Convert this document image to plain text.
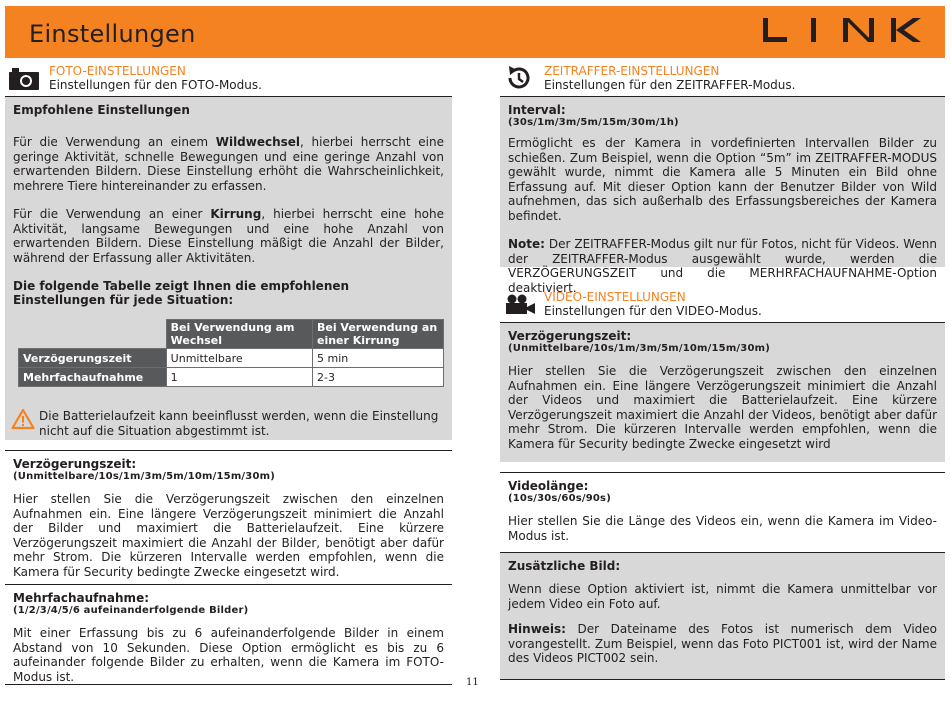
Einstellungen
FOTO-EINSTELLUNGEN
Einstellungen für den FOTO-Modus.
Empfohlene Einstellungen

Für die Verwendung an einem Wildwechsel, hierbei herrscht eine geringe Aktivität, schnelle Bewegungen und eine geringe Anzahl von erwartenden Bildern. Diese Einstellung erhöht die Wahrscheinlichkeit, mehrere Tiere hintereinander zu erfassen.

Für die Verwendung an einer Kirrung, hierbei herrscht eine hohe Aktivität, langsame Bewegungen und eine hohe Anzahl von erwartenden Bildern. Diese Einstellung mäßigt die Anzahl der Bilder, während der Erfassung aller Aktivitäten.

Die folgende Tabelle zeigt Ihnen die empfohlenen Einstellungen für jede Situation:
	Bei Verwendung am Wechsel	Bei Verwendung an einer Kirrung
Verzögerungszeit	Unmittelbare	5 min
Mehrfachaufnahme	1	2-3

Die Batterielaufzeit kann beeinflusst werden, wenn die Einstellung nicht auf die Situation abgestimmt ist.

Verzögerungszeit:
(Unmittelbare/10s/1m/3m/5m/10m/15m/30m)

Hier stellen Sie die Verzögerungszeit zwischen den einzelnen Aufnahmen ein. Eine längere Verzögerungszeit minimiert die Anzahl der Bilder und maximiert die Batterielaufzeit. Eine kürzere Verzögerungszeit maximiert die Anzahl der Bilder, benötigt aber dafür mehr Strom. Die kürzeren Intervalle werden empfohlen, wenn die Kamera für Security bedingte Zwecke eingesetzt wird.

Mehrfachaufnahme:
(1/2/3/4/5/6 aufeinanderfolgende Bilder)

Mit einer Erfassung bis zu 6 aufeinanderfolgende Bilder in einem Abstand von 10 Sekunden. Diese Option ermöglicht es bis zu 6 aufeinander folgende Bilder zu erhalten, wenn die Kamera im FOTO-Modus ist.

ZEITRAFFER-EINSTELLUNGEN
Einstellungen für den ZEITRAFFER-Modus.
Interval:
(30s/1m/3m/5m/15m/30m/1h)

Ermöglicht es der Kamera in vordefinierten Intervallen Bilder zu schießen. Zum Beispiel, wenn die Option “5m” im ZEITRAFFER-MODUS gewählt wurde, nimmt die Kamera alle 5 Minuten ein Bild ohne Erfassung auf. Mit dieser Option kann der Benutzer Bilder von Wild aufnehmen, das sich außerhalb des Erfassungsbereiches der Kamera befindet.

Note: Der ZEITRAFFER-Modus gilt nur für Fotos, nicht für Videos. Wenn der ZEITRAFFER-Modus ausgewählt wurde, werden die VERZÖGERUNGSZEIT und die MERHRFACHAUFNAHME-Option deaktiviert.

VIDEO-EINSTELLUNGEN
Einstellungen für den VIDEO-Modus.
Verzögerungszeit:
(Unmittelbare/10s/1m/3m/5m/10m/15m/30m)

Hier stellen Sie die Verzögerungszeit zwischen den einzelnen Aufnahmen ein. Eine längere Verzögerungszeit minimiert die Anzahl der Videos und maximiert die Batterielaufzeit. Eine kürzere Verzögerungszeit maximiert die Anzahl der Videos, benötigt aber dafür mehr Strom. Die kürzeren Intervalle werden empfohlen, wenn die Kamera für Security bedingte Zwecke eingesetzt wird

Videolänge:
(10s/30s/60s/90s)

Hier stellen Sie die Länge des Videos ein, wenn die Kamera im Video-Modus ist.

Zusätzliche Bild:

Wenn diese Option aktiviert ist, nimmt die Kamera unmittelbar vor jedem Video ein Foto auf.

Hinweis: Der Dateiname des Fotos ist numerisch dem Video vorangestellt. Zum Beispiel, wenn das Foto PICT001 ist, wird der Name des Videos PICT002 sein.

11
